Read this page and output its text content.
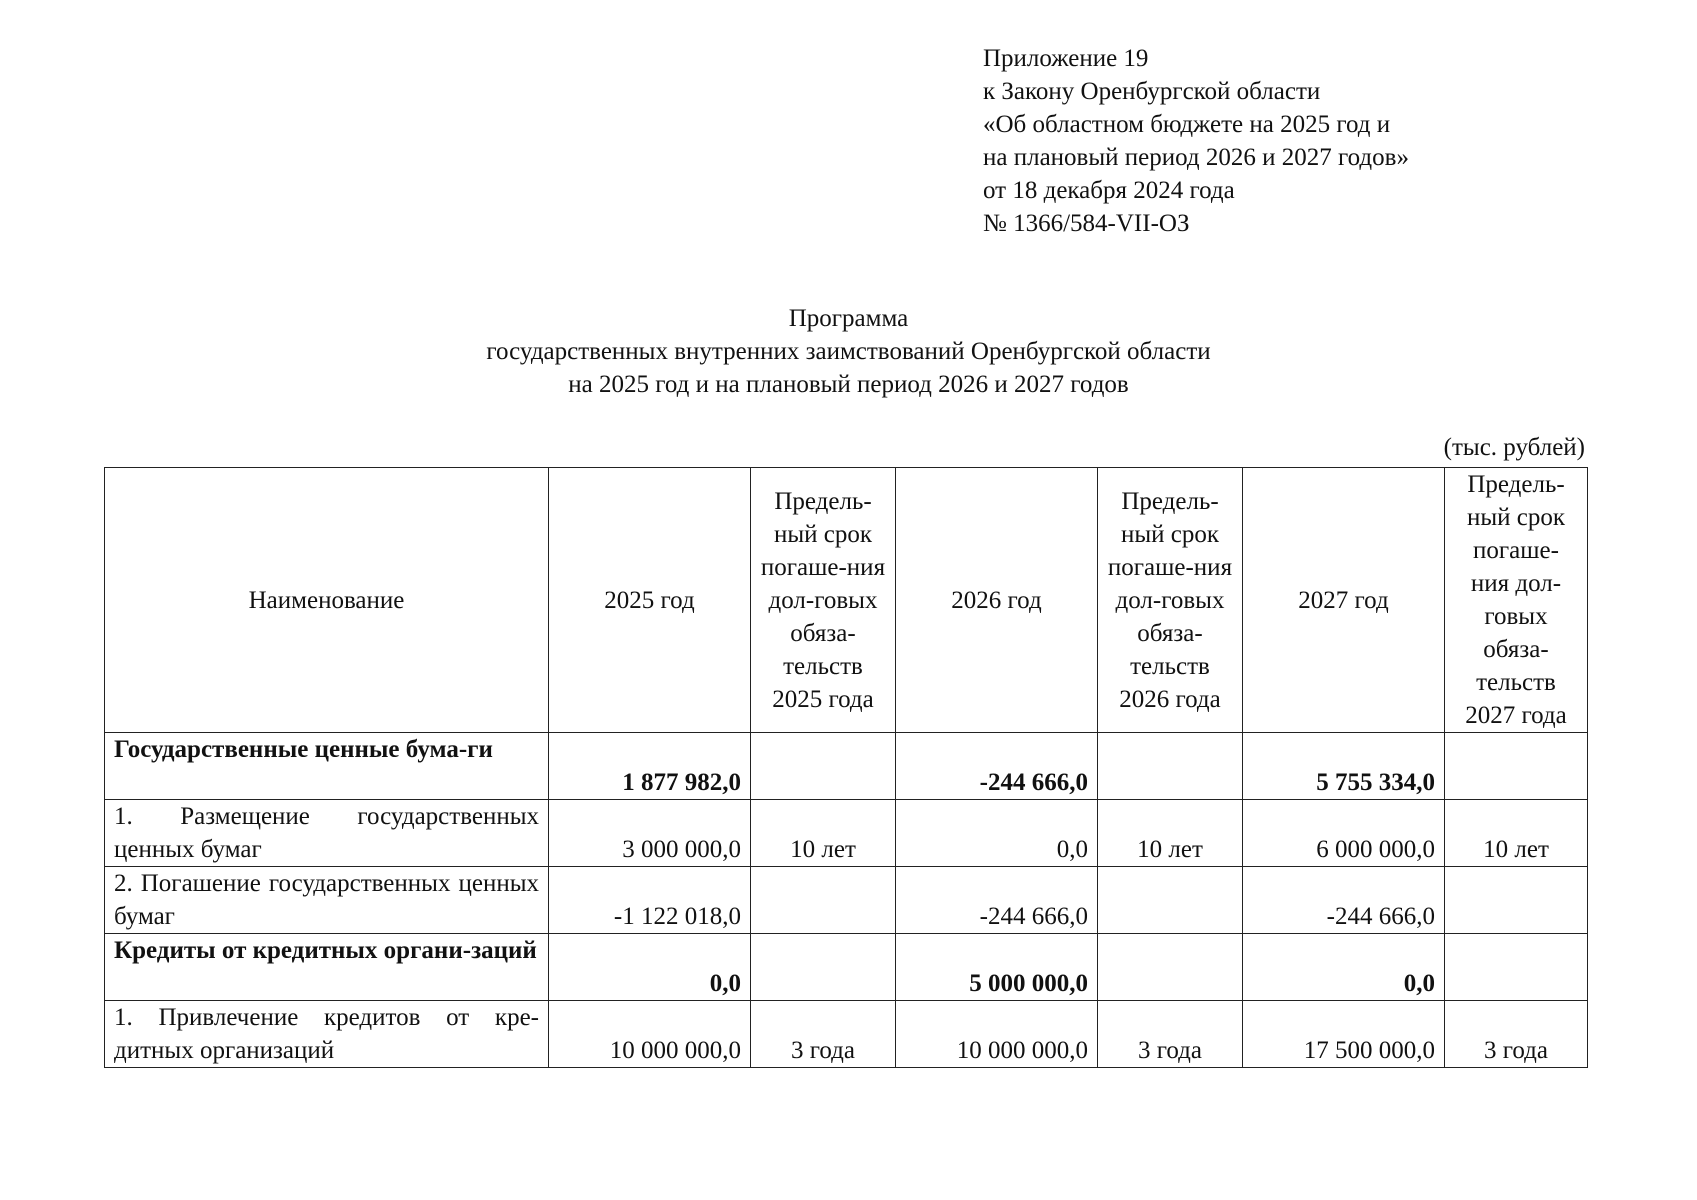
Приложение 19
к Закону Оренбургской области
«Об областном бюджете на 2025 год и
на плановый период 2026 и 2027 годов»
от 18 декабря 2024 года
№ 1366/584-VII-ОЗ
Программа
государственных внутренних заимствований Оренбургской области
на 2025 год и на плановый период 2026 и 2027 годов
(тыс. рублей)
Наименование	2025 год	Предель-ный срок погаше-ния дол-говых обяза-тельств 2025 года	2026 год	Предель-ный срок погаше-ния дол-говых обяза-тельств 2026 года	2027 год	Предель-ный срок погаше-ния дол-говых обяза-тельств 2027 года
Государственные ценные бума-ги	1 877 982,0		-244 666,0		5 755 334,0	
1. Размещение государственных ценных бумаг	3 000 000,0	10 лет	0,0	10 лет	6 000 000,0	10 лет
2. Погашение государственных ценных бумаг	-1 122 018,0		-244 666,0		-244 666,0	
Кредиты от кредитных органи-заций	0,0		5 000 000,0		0,0	
1. Привлечение кредитов от кре-дитных организаций	10 000 000,0	3 года	10 000 000,0	3 года	17 500 000,0	3 года
